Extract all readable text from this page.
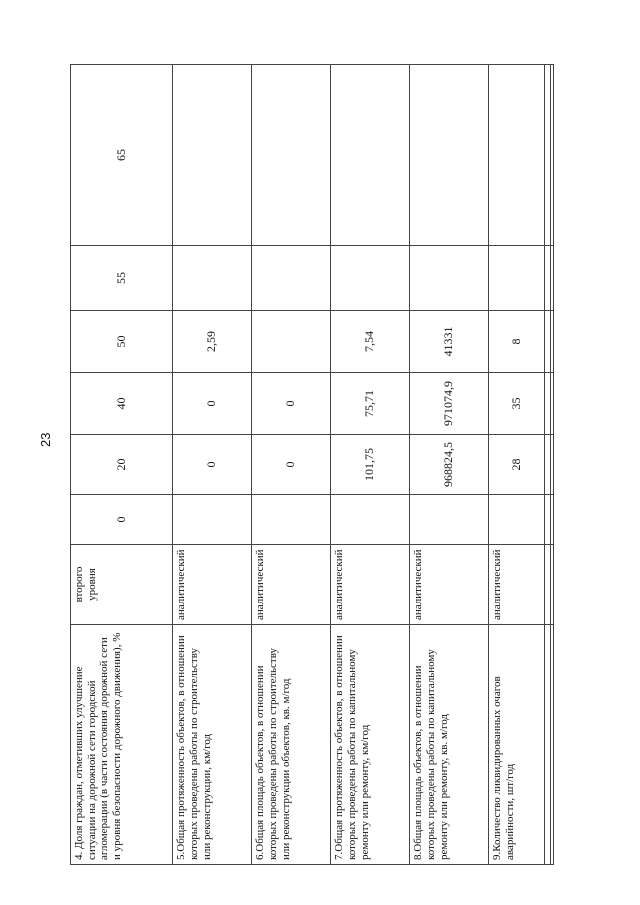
23
4. Доля граждан, отметивших улучшение ситуации на дорожной сети городской агломерации (в части состояния дорожной сети и уровня безопасности дорожного движения), %	второго уровня	0	20	40	50	55	65
5.Общая протяженность объектов, в отношении которых проведены работы по строительству или реконструкции, км/год	аналитический		0	0	2,59		
6.Общая площадь объектов, в отношении которых проведены работы по строительству или реконструкции объектов, кв. м/год	аналитический		0	0			
7.Общая протяженность объектов, в отношении которых проведены работы по капитальному ремонту или ремонту, км/год	аналитический		101,75	75,71	7,54		
8.Общая площадь объектов, в отношении которых проведены работы по капитальному ремонту или ремонту, кв. м/год	аналитический		968824,5	971074,9	41331		
9.Количество ликвидированных очагов аварийности, шт/год	аналитический		28	35	8		
